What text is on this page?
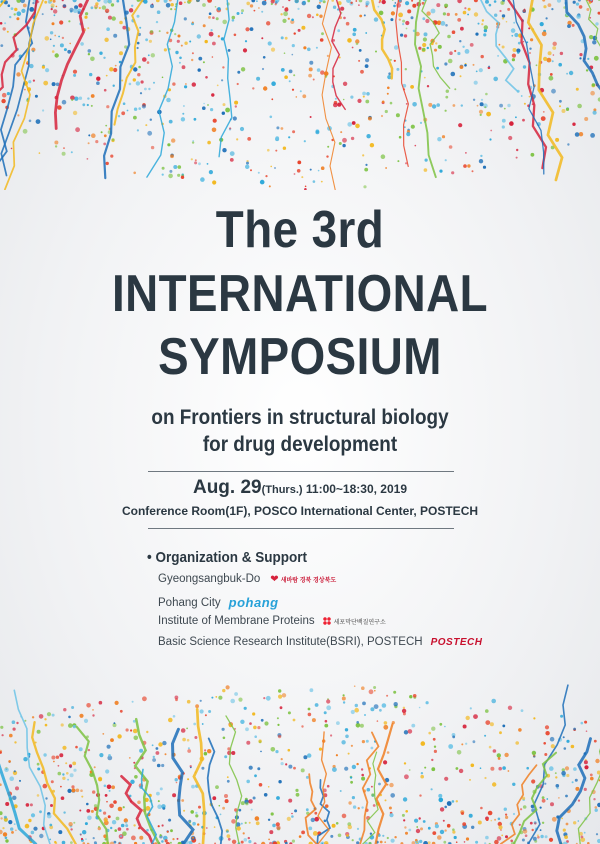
The 3rd
INTERNATIONAL
SYMPOSIUM
on Frontiers in structural biology
for drug development
Aug. 29(Thurs.) 11:00~18:30, 2019
Conference Room(1F), POSCO International Center, POSTECH
• Organization & Support
Gyeongsangbuk-Do ❤ 새바람 경북 경상북도
Pohang City pohang
Institute of Membrane Proteins	세포막단백질연구소
Basic Science Research Institute(BSRI), POSTECH POSTECH
